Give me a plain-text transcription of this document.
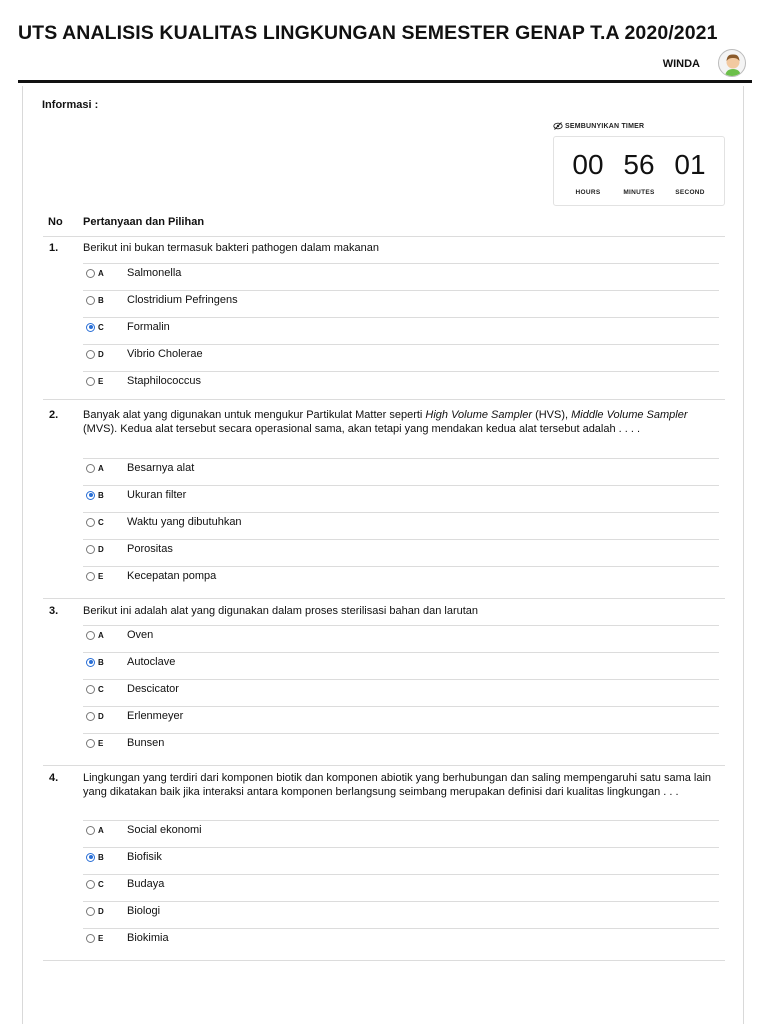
UTS ANALISIS KUALITAS LINGKUNGAN SEMESTER GENAP T.A 2020/2021
WINDA
Informasi :
SEMBUNYIKAN TIMER
00
HOURS
56
MINUTES
01
SECOND
No Pertanyaan dan Pilihan
1. Berikut ini bukan termasuk bakteri pathogen dalam makanan
A	Salmonella
B	Clostridium Pefringens
C	Formalin
D	Vibrio Cholerae
E	Staphilococcus
2. Banyak alat yang digunakan untuk mengukur Partikulat Matter seperti High Volume Sampler (HVS), Middle Volume Sampler (MVS). Kedua alat tersebut secara operasional sama, akan tetapi yang mendakan kedua alat tersebut adalah . . . .
A	Besarnya alat
B	Ukuran filter
C	Waktu yang dibutuhkan
D	Porositas
E	Kecepatan pompa
3. Berikut ini adalah alat yang digunakan dalam proses sterilisasi bahan dan larutan
A	Oven
B	Autoclave
C	Descicator
D	Erlenmeyer
E	Bunsen
4. Lingkungan yang terdiri dari komponen biotik dan komponen abiotik yang berhubungan dan saling mempengaruhi satu sama lain yang dikatakan baik jika interaksi antara komponen berlangsung seimbang merupakan definisi dari kualitas lingkungan . . .
A	Social ekonomi
B	Biofisik
C	Budaya
D	Biologi
E	Biokimia
